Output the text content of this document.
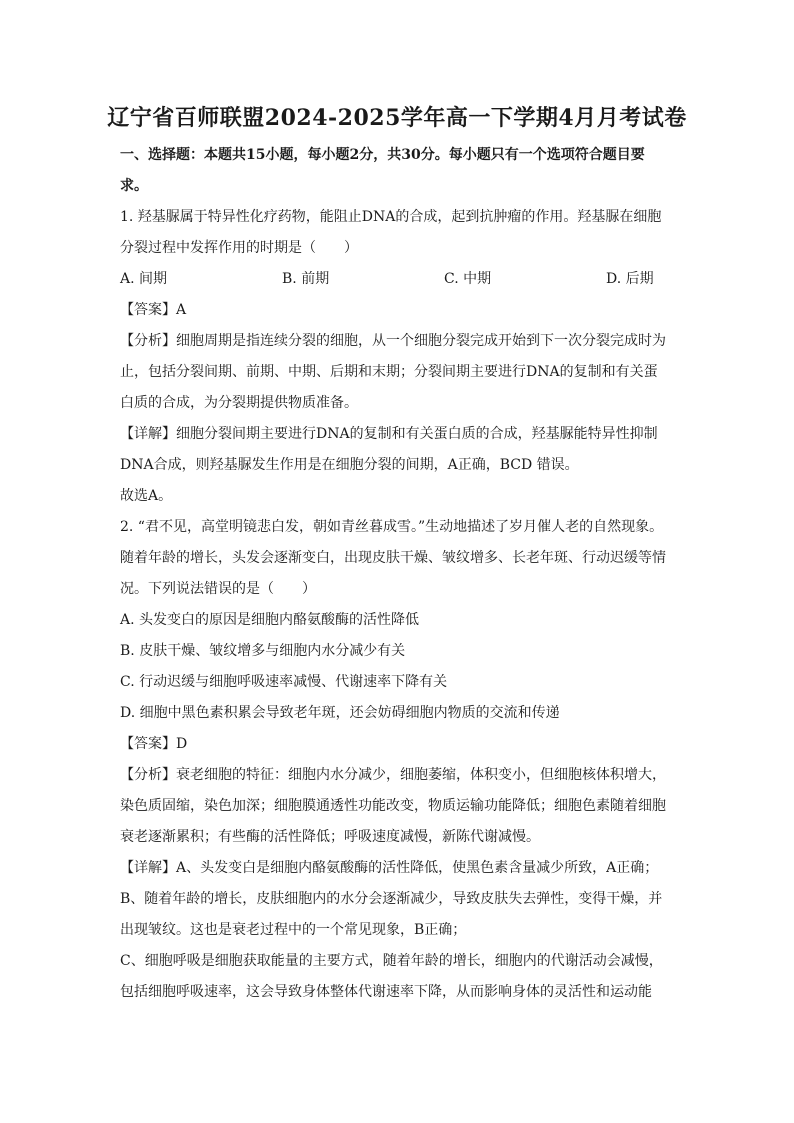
辽宁省百师联盟2024-2025学年高一下学期4月月考试卷
一、选择题：本题共15小题，每小题2分，共30分。每小题只有一个选项符合题目要
求。
1. 羟基脲属于特异性化疗药物，能阻止DNA的合成，起到抗肿瘤的作用。羟基脲在细胞
分裂过程中发挥作用的时期是（　　）
A. 间期	B. 前期	C. 中期	D. 后期
【答案】A
【分析】细胞周期是指连续分裂的细胞，从一个细胞分裂完成开始到下一次分裂完成时为
止，包括分裂间期、前期、中期、后期和末期；分裂间期主要进行DNA的复制和有关蛋
白质的合成，为分裂期提供物质准备。
【详解】细胞分裂间期主要进行DNA的复制和有关蛋白质的合成，羟基脲能特异性抑制
DNA合成，则羟基脲发生作用是在细胞分裂的间期，A正确，BCD 错误。
故选A。
2. “君不见，高堂明镜悲白发，朝如青丝暮成雪。”生动地描述了岁月催人老的自然现象。
随着年龄的增长，头发会逐渐变白，出现皮肤干燥、皱纹增多、长老年斑、行动迟缓等情
况。下列说法错误的是（　　）
A. 头发变白的原因是细胞内酪氨酸酶的活性降低
B. 皮肤干燥、皱纹增多与细胞内水分减少有关
C. 行动迟缓与细胞呼吸速率减慢、代谢速率下降有关
D. 细胞中黑色素积累会导致老年斑，还会妨碍细胞内物质的交流和传递
【答案】D
【分析】衰老细胞的特征：细胞内水分减少，细胞萎缩，体积变小，但细胞核体积增大，
染色质固缩，染色加深；细胞膜通透性功能改变，物质运输功能降低；细胞色素随着细胞
衰老逐渐累积；有些酶的活性降低；呼吸速度减慢，新陈代谢减慢。
【详解】A、头发变白是细胞内酪氨酸酶的活性降低，使黑色素含量减少所致，A正确；
B、随着年龄的增长，皮肤细胞内的水分会逐渐减少，导致皮肤失去弹性，变得干燥，并
出现皱纹。这也是衰老过程中的一个常见现象，B正确；
C、细胞呼吸是细胞获取能量的主要方式，随着年龄的增长，细胞内的代谢活动会减慢，
包括细胞呼吸速率，这会导致身体整体代谢速率下降，从而影响身体的灵活性和运动能
